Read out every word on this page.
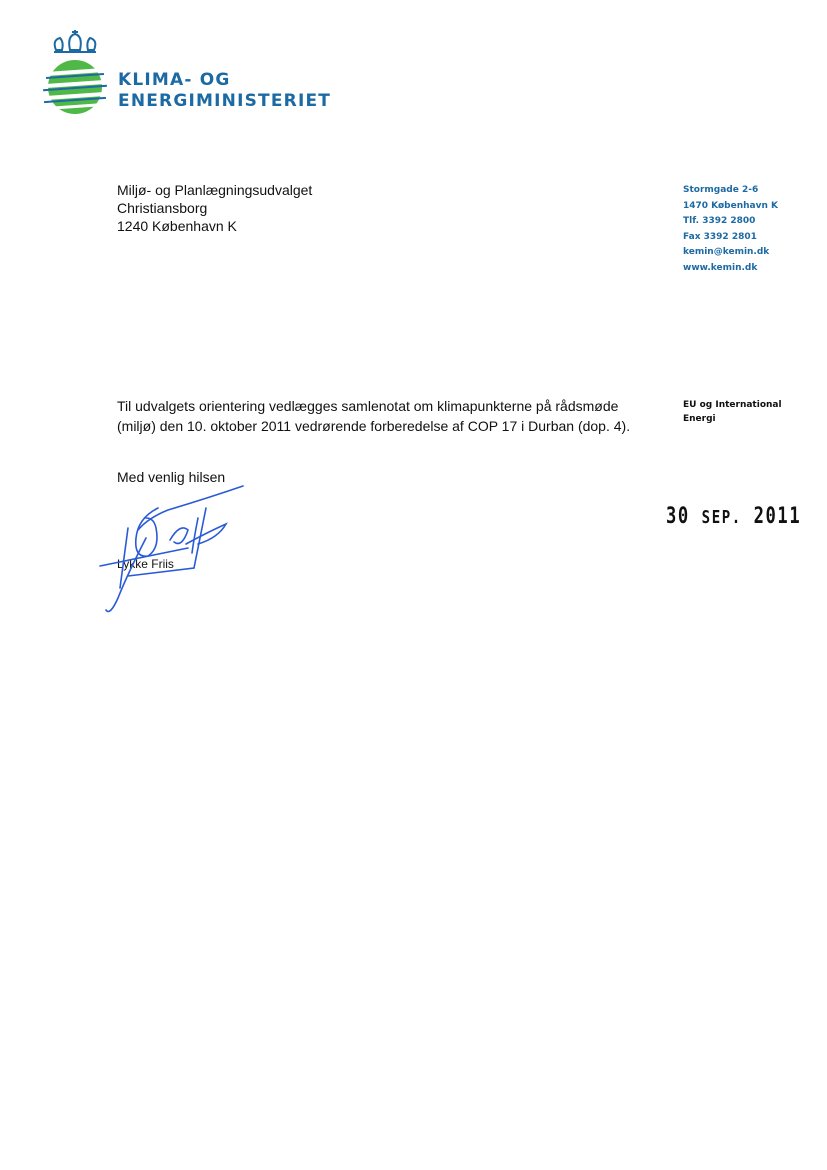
KLIMA- OG
ENERGIMINISTERIET
Miljø- og Planlægningsudvalget
Christiansborg
1240 København K
Stormgade 2-6
1470 København K
Tlf. 3392 2800
Fax 3392 2801
kemin@kemin.dk
www.kemin.dk
Til udvalgets orientering vedlægges samlenotat om klimapunkterne på rådsmøde (miljø) den 10. oktober 2011 vedrørende forberedelse af COP 17 i Durban (dop. 4).
EU og International
Energi
Med venlig hilsen
Lykke Friis
30 SEP. 2011
